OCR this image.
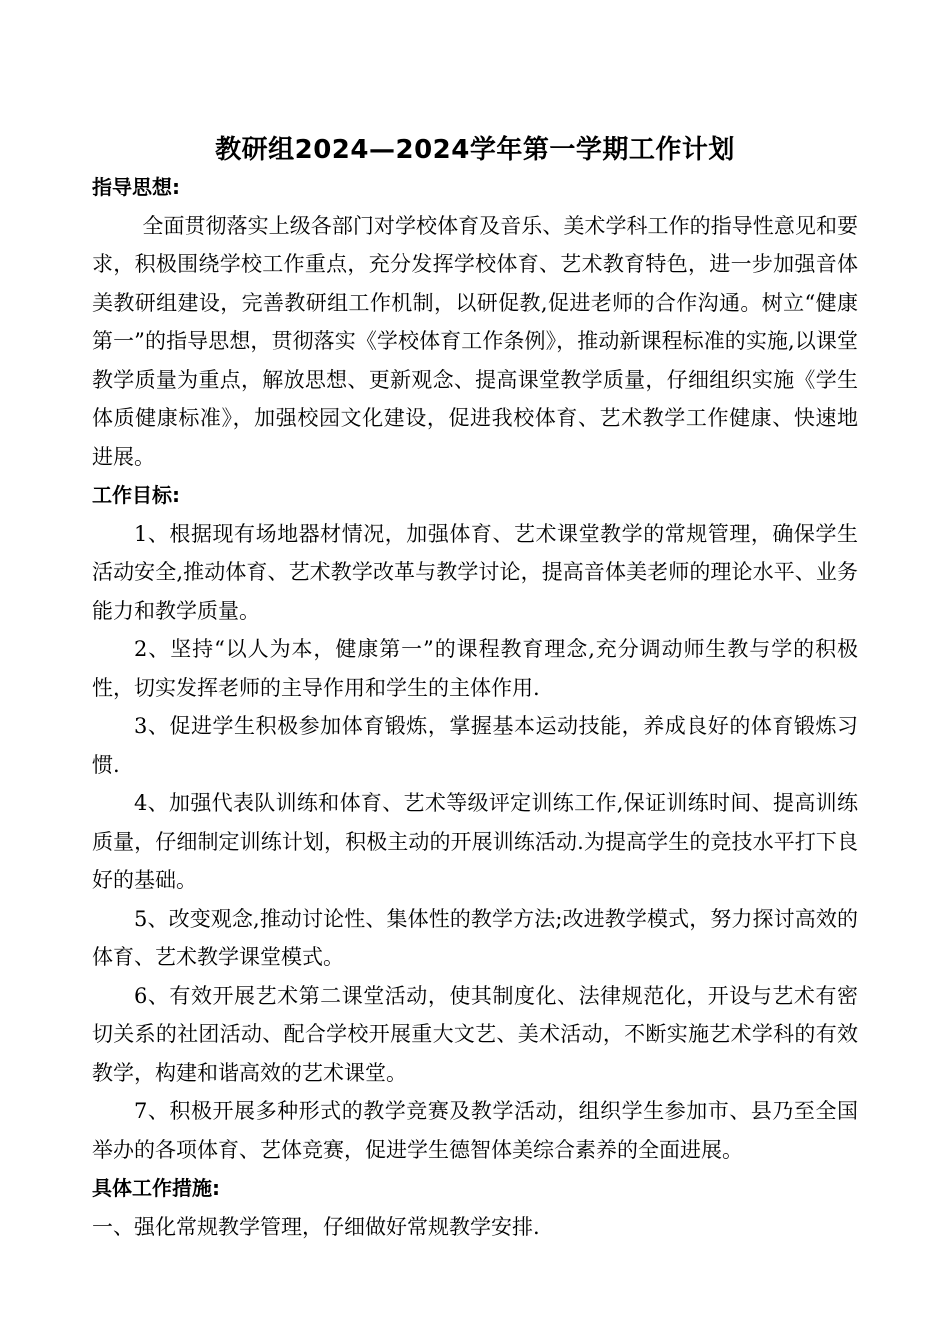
教研组2024—2024学年第一学期工作计划
指导思想:

全面贯彻落实上级各部门对学校体育及音乐、美术学科工作的指导性意见和要求，积极围绕学校工作重点，充分发挥学校体育、艺术教育特色，进一步加强音体美教研组建设，完善教研组工作机制，以研促教,促进老师的合作沟通。树立“健康第一”的指导思想，贯彻落实《学校体育工作条例》，推动新课程标准的实施,以课堂教学质量为重点，解放思想、更新观念、提高课堂教学质量，仔细组织实施《学生体质健康标准》，加强校园文化建设，促进我校体育、艺术教学工作健康、快速地进展。

工作目标:

1、根据现有场地器材情况，加强体育、艺术课堂教学的常规管理，确保学生活动安全,推动体育、艺术教学改革与教学讨论，提高音体美老师的理论水平、业务能力和教学质量。

2、坚持“以人为本，健康第一”的课程教育理念,充分调动师生教与学的积极性，切实发挥老师的主导作用和学生的主体作用.

3、促进学生积极参加体育锻炼，掌握基本运动技能，养成良好的体育锻炼习惯.

4、加强代表队训练和体育、艺术等级评定训练工作,保证训练时间、提高训练质量，仔细制定训练计划，积极主动的开展训练活动.为提高学生的竞技水平打下良好的基础。

5、改变观念,推动讨论性、集体性的教学方法;改进教学模式，努力探讨高效的体育、艺术教学课堂模式。

6、有效开展艺术第二课堂活动，使其制度化、法律规范化，开设与艺术有密切关系的社团活动、配合学校开展重大文艺、美术活动，不断实施艺术学科的有效教学，构建和谐高效的艺术课堂。

7、积极开展多种形式的教学竞赛及教学活动，组织学生参加市、县乃至全国举办的各项体育、艺体竞赛，促进学生德智体美综合素养的全面进展。

具体工作措施:

一、强化常规教学管理，仔细做好常规教学安排.
